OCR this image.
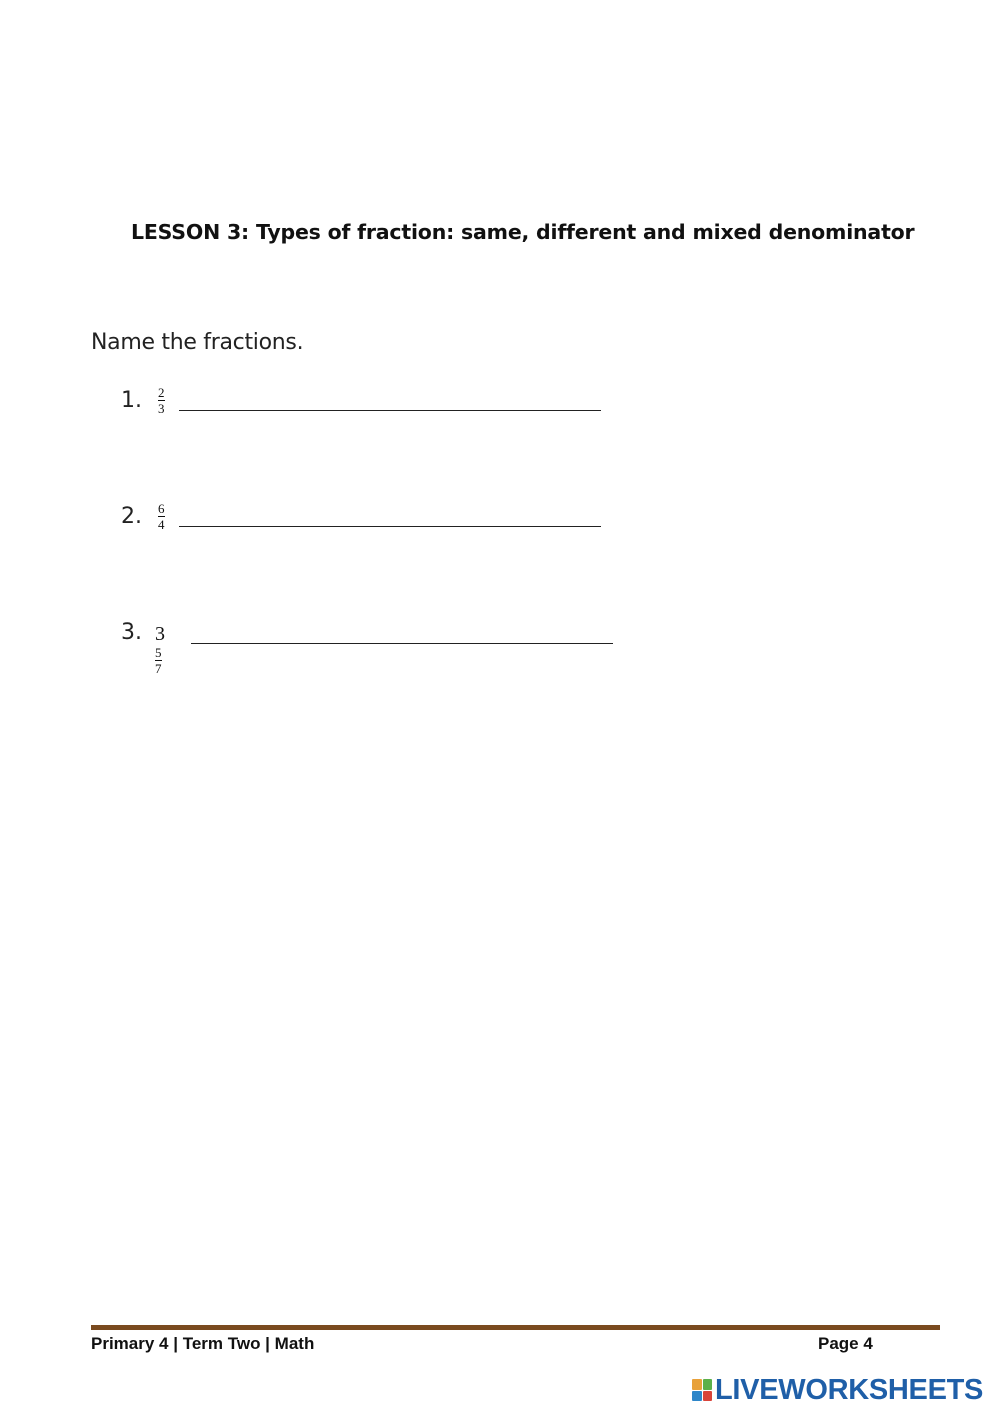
LESSON 3: Types of fraction: same, different and mixed denominator
Name the fractions.
1. $\frac{2}{3}$
2. $\frac{6}{4}$
3. 3
$\frac{5}{7}$
Primary 4 | Term Two | Math	Page 4
LIVEWORKSHEETS
